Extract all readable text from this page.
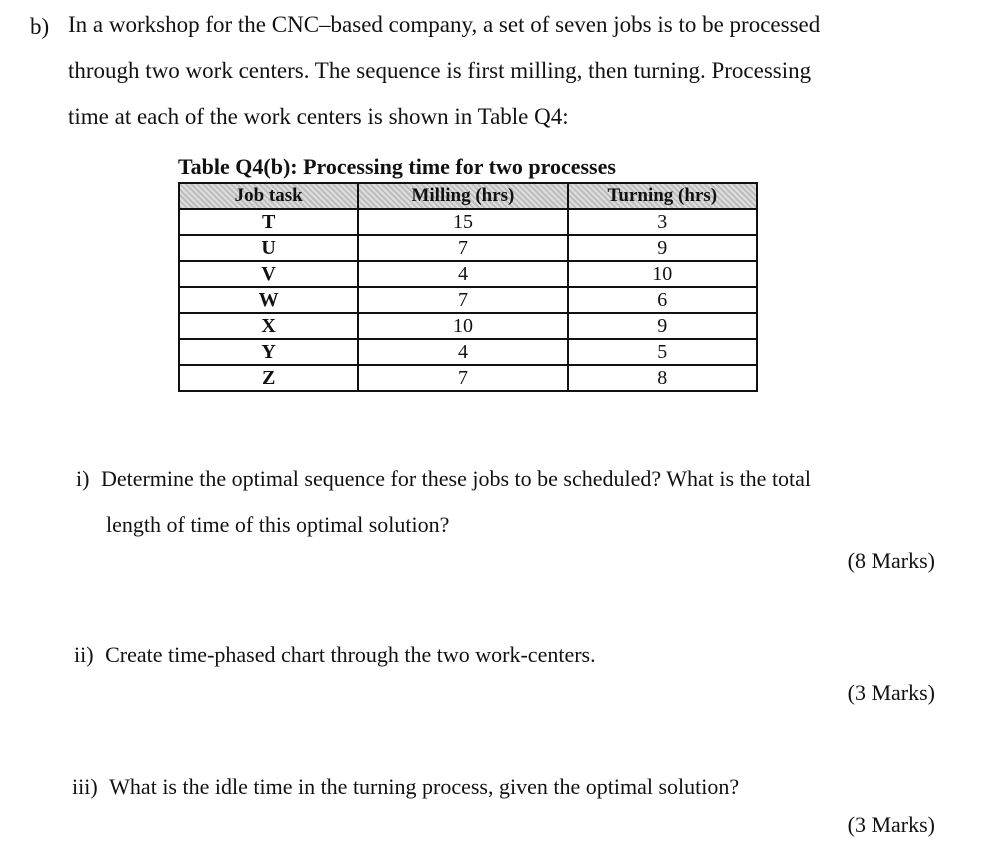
b) In a workshop for the CNC–based company, a set of seven jobs is to be processed
through two work centers. The sequence is first milling, then turning. Processing
time at each of the work centers is shown in Table Q4:
Table Q4(b): Processing time for two processes
Job task	Milling (hrs)	Turning (hrs)
T	15	3
U	7	9
V	4	10
W	7	6
X	10	9
Y	4	5
Z	7	8
i) Determine the optimal sequence for these jobs to be scheduled? What is the total
length of time of this optimal solution?
(8 Marks)
ii) Create time-phased chart through the two work-centers.
(3 Marks)
iii) What is the idle time in the turning process, given the optimal solution?
(3 Marks)
